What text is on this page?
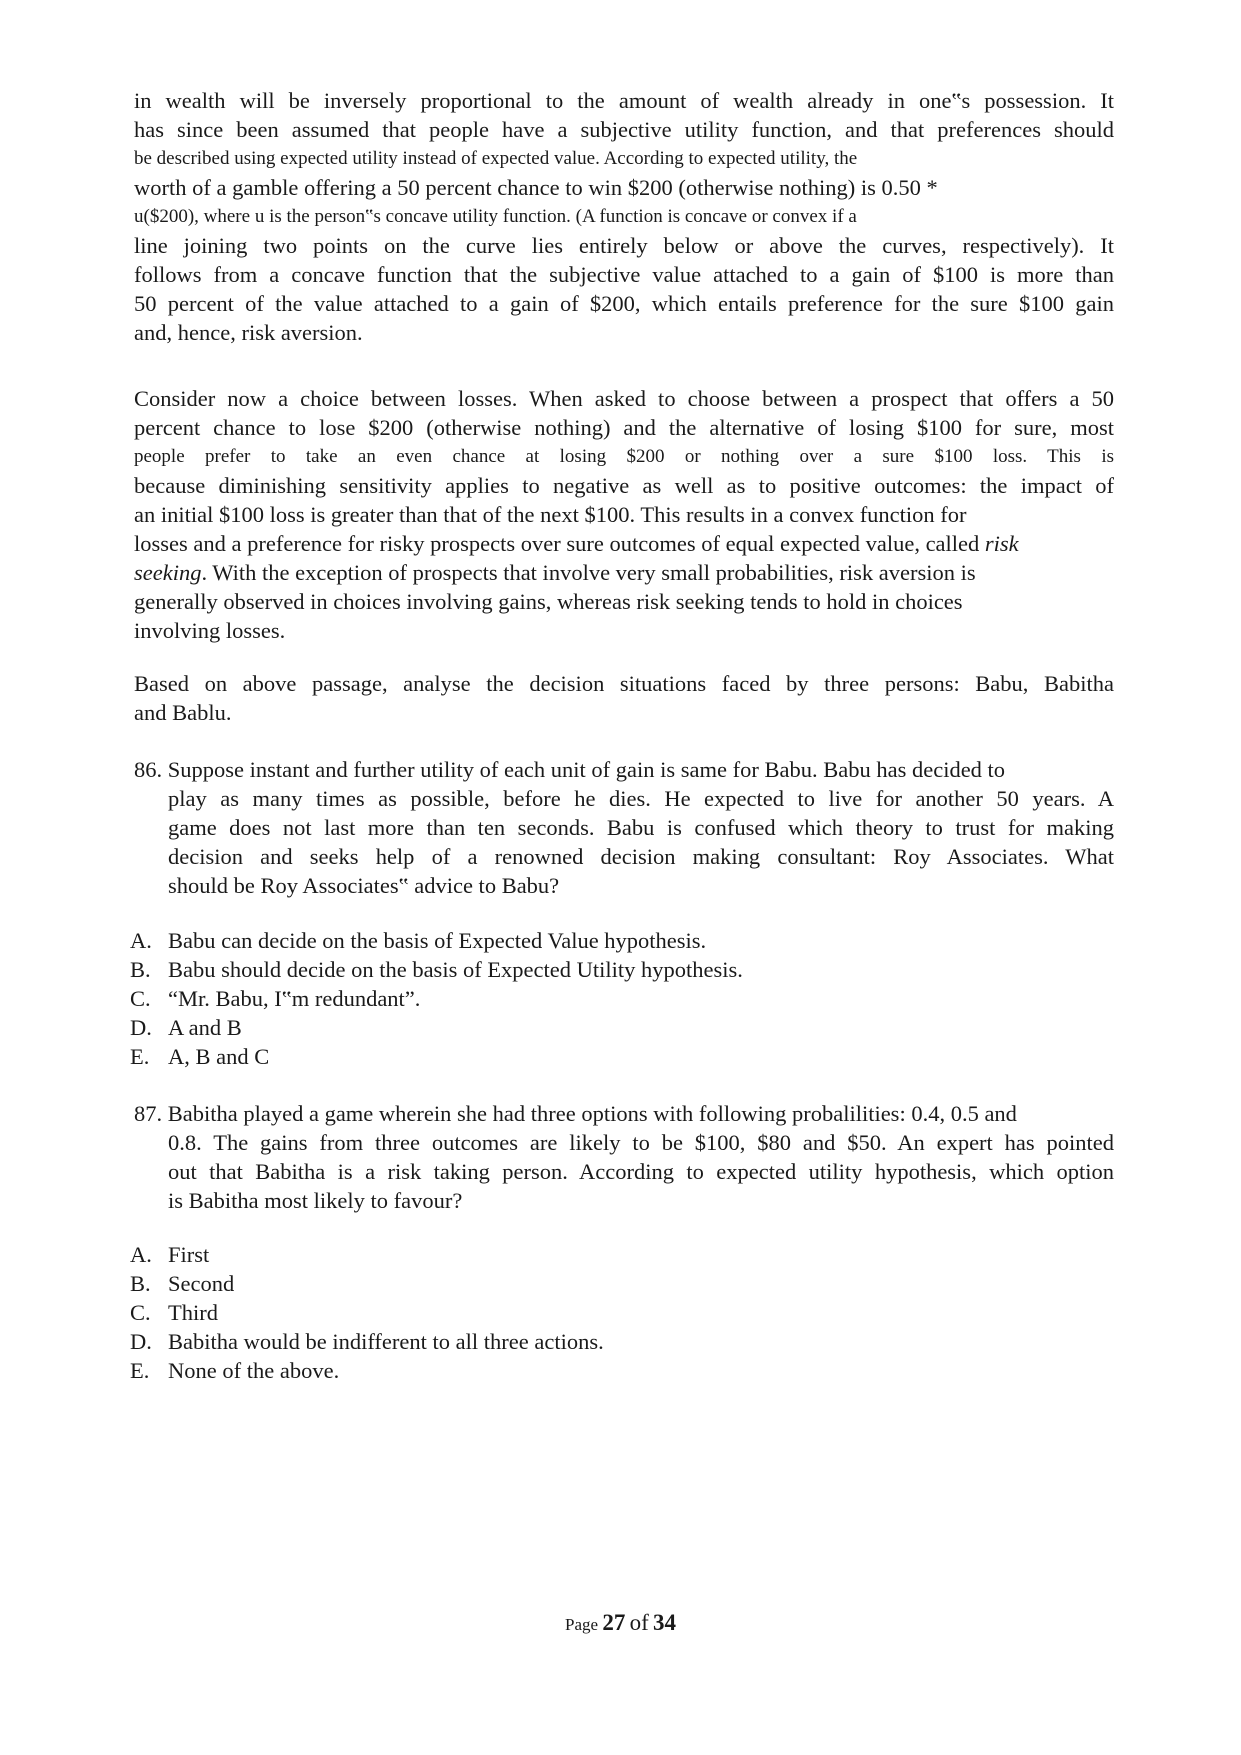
in wealth will be inversely proportional to the amount of wealth already in one‟s possession. It
has since been assumed that people have a subjective utility function, and that preferences should
be described using expected utility instead of expected value. According to expected utility, the
worth of a gamble offering a 50 percent chance to win $200 (otherwise nothing) is 0.50 *
u($200), where u is the person‟s concave utility function. (A function is concave or convex if a
line joining two points on the curve lies entirely below or above the curves, respectively). It
follows from a concave function that the subjective value attached to a gain of $100 is more than
50 percent of the value attached to a gain of $200, which entails preference for the sure $100 gain
and, hence, risk aversion.
Consider now a choice between losses. When asked to choose between a prospect that offers a 50
percent chance to lose $200 (otherwise nothing) and the alternative of losing $100 for sure, most
people prefer to take an even chance at losing $200 or nothing over a sure $100 loss. This is
because diminishing sensitivity applies to negative as well as to positive outcomes: the impact of
an initial $100 loss is greater than that of the next $100. This results in a convex function for
losses and a preference for risky prospects over sure outcomes of equal expected value, called risk
seeking. With the exception of prospects that involve very small probabilities, risk aversion is
generally observed in choices involving gains, whereas risk seeking tends to hold in choices
involving losses.
Based on above passage, analyse the decision situations faced by three persons: Babu, Babitha
and Bablu.
86. Suppose instant and further utility of each unit of gain is same for Babu. Babu has decided to
play as many times as possible, before he dies. He expected to live for another 50 years. A
game does not last more than ten seconds. Babu is confused which theory to trust for making
decision and seeks help of a renowned decision making consultant: Roy Associates. What
should be Roy Associates‟ advice to Babu?
A. Babu can decide on the basis of Expected Value hypothesis.
B. Babu should decide on the basis of Expected Utility hypothesis.
C. “Mr. Babu, I‟m redundant”.
D. A and B
E. A, B and C
87. Babitha played a game wherein she had three options with following probalilities: 0.4, 0.5 and
0.8. The gains from three outcomes are likely to be $100, $80 and $50. An expert has pointed
out that Babitha is a risk taking person. According to expected utility hypothesis, which option
is Babitha most likely to favour?
A. First
B. Second
C. Third
D. Babitha would be indifferent to all three actions.
E. None of the above.
Page 27 of 34
